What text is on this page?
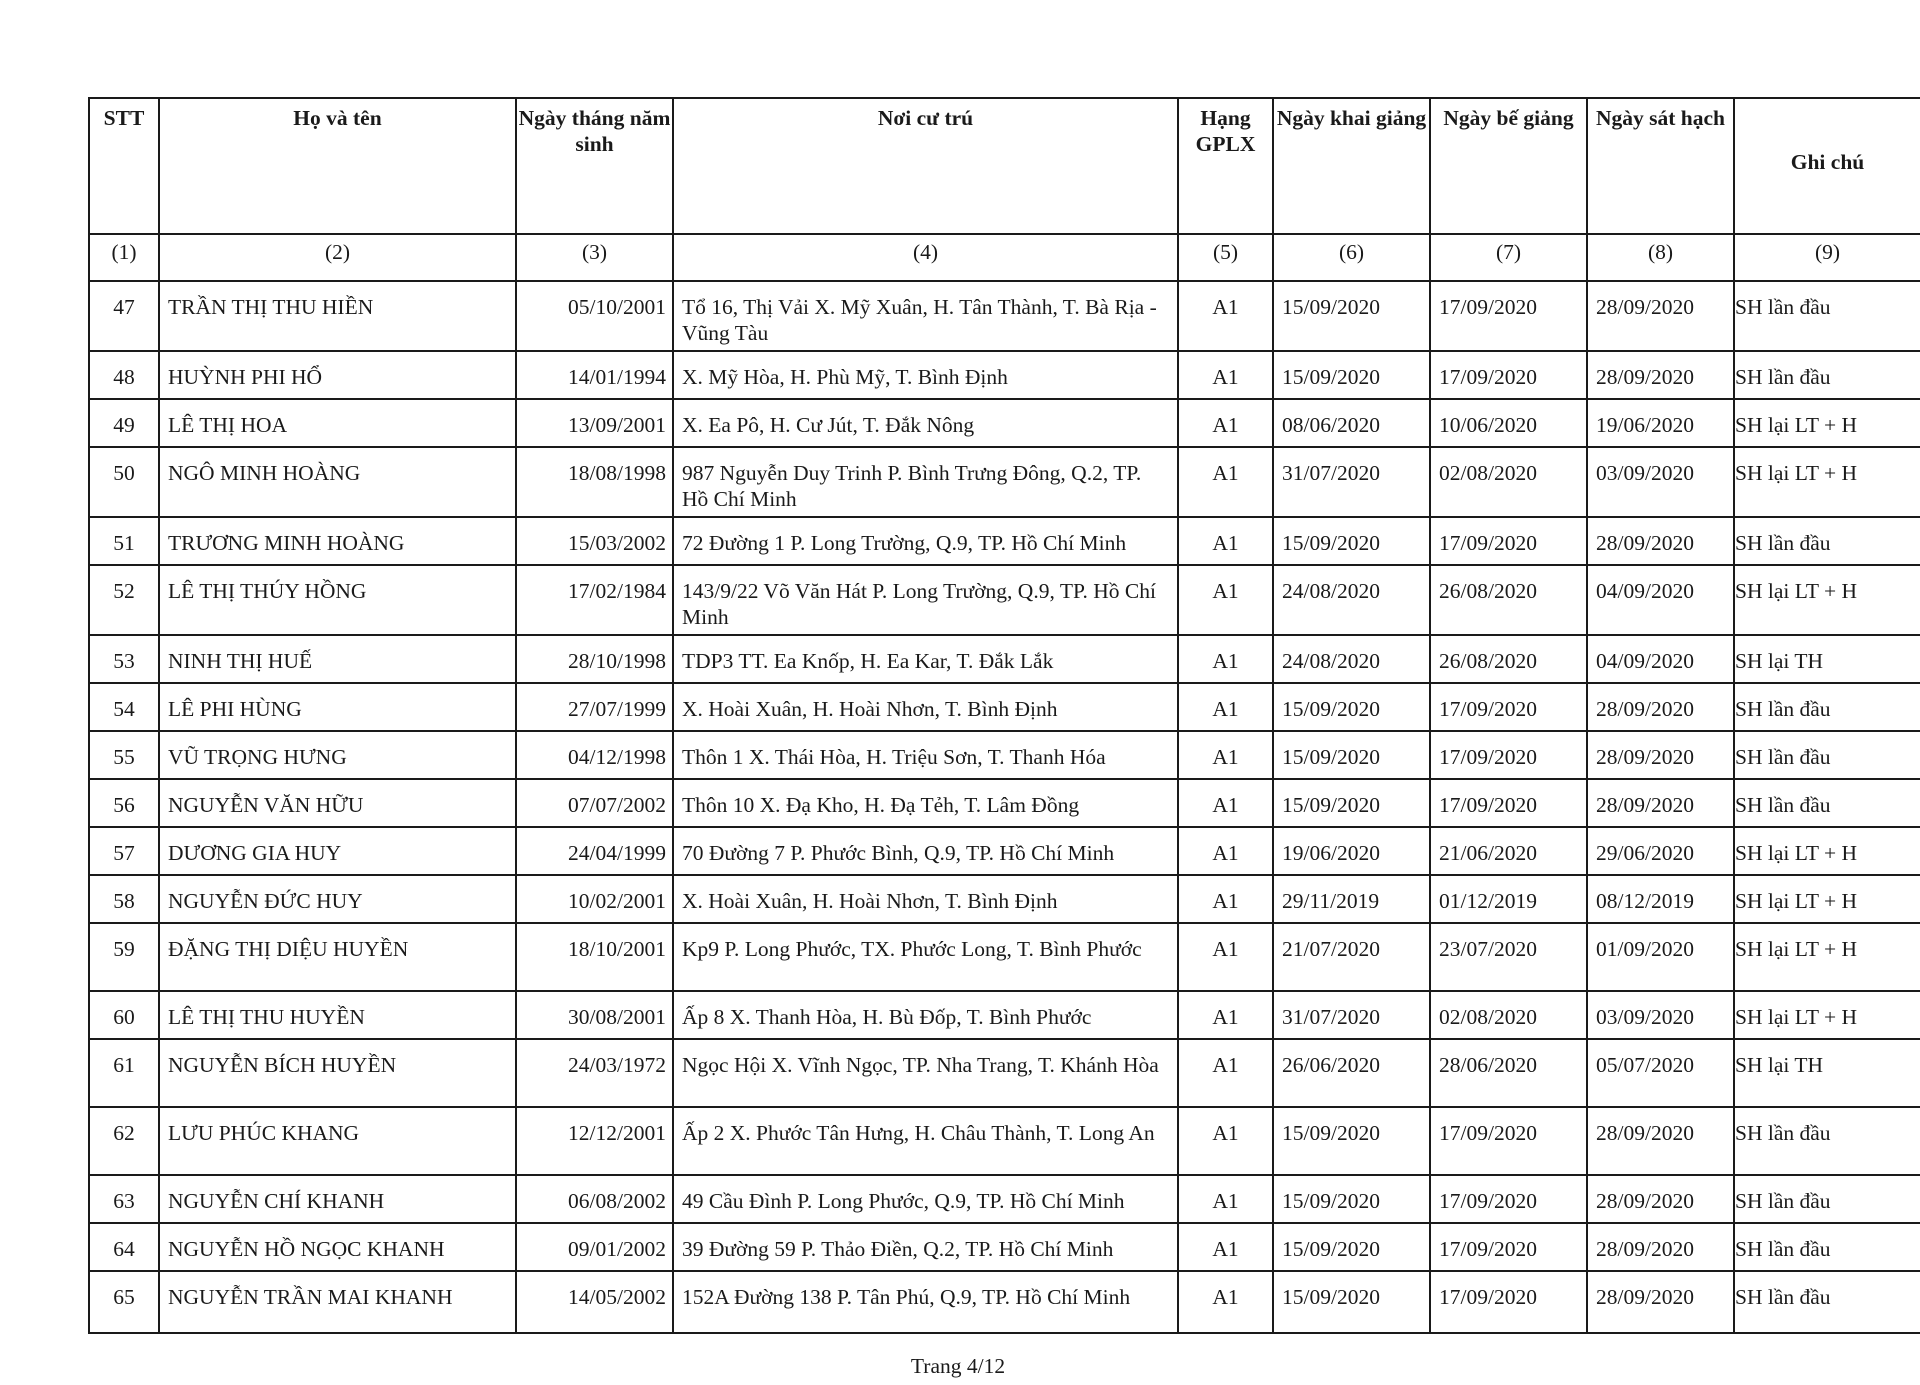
STT	Họ và tên	Ngày tháng năm sinh	Nơi cư trú	Hạng GPLX	Ngày khai giảng	Ngày bế giảng	Ngày sát hạch	Ghi chú
(1)	(2)	(3)	(4)	(5)	(6)	(7)	(8)	(9)
47	TRẦN THỊ THU HIỀN	05/10/2001	Tổ 16, Thị Vải X. Mỹ Xuân, H. Tân Thành, T. Bà Rịa - Vũng Tàu	A1	15/09/2020	17/09/2020	28/09/2020	SH lần đầu
48	HUỲNH PHI HỔ	14/01/1994	X. Mỹ Hòa, H. Phù Mỹ, T. Bình Định	A1	15/09/2020	17/09/2020	28/09/2020	SH lần đầu
49	LÊ THỊ HOA	13/09/2001	X. Ea Pô, H. Cư Jút, T. Đắk Nông	A1	08/06/2020	10/06/2020	19/06/2020	SH lại LT + H
50	NGÔ MINH HOÀNG	18/08/1998	987 Nguyễn Duy Trinh P. Bình Trưng Đông, Q.2, TP. Hồ Chí Minh	A1	31/07/2020	02/08/2020	03/09/2020	SH lại LT + H
51	TRƯƠNG MINH HOÀNG	15/03/2002	72 Đường 1 P. Long Trường, Q.9, TP. Hồ Chí Minh	A1	15/09/2020	17/09/2020	28/09/2020	SH lần đầu
52	LÊ THỊ THÚY HỒNG	17/02/1984	143/9/22 Võ Văn Hát P. Long Trường, Q.9, TP. Hồ Chí Minh	A1	24/08/2020	26/08/2020	04/09/2020	SH lại LT + H
53	NINH THỊ HUẾ	28/10/1998	TDP3 TT. Ea Knốp, H. Ea Kar, T. Đắk Lắk	A1	24/08/2020	26/08/2020	04/09/2020	SH lại TH
54	LÊ PHI HÙNG	27/07/1999	X. Hoài Xuân, H. Hoài Nhơn, T. Bình Định	A1	15/09/2020	17/09/2020	28/09/2020	SH lần đầu
55	VŨ TRỌNG HƯNG	04/12/1998	Thôn 1 X. Thái Hòa, H. Triệu Sơn, T. Thanh Hóa	A1	15/09/2020	17/09/2020	28/09/2020	SH lần đầu
56	NGUYỄN VĂN HỮU	07/07/2002	Thôn 10 X. Đạ Kho, H. Đạ Tẻh, T. Lâm Đồng	A1	15/09/2020	17/09/2020	28/09/2020	SH lần đầu
57	DƯƠNG GIA HUY	24/04/1999	70 Đường 7 P. Phước Bình, Q.9, TP. Hồ Chí Minh	A1	19/06/2020	21/06/2020	29/06/2020	SH lại LT + H
58	NGUYỄN ĐỨC HUY	10/02/2001	X. Hoài Xuân, H. Hoài Nhơn, T. Bình Định	A1	29/11/2019	01/12/2019	08/12/2019	SH lại LT + H
59	ĐẶNG THỊ DIỆU HUYỀN	18/10/2001	Kp9 P. Long Phước, TX. Phước Long, T. Bình Phước	A1	21/07/2020	23/07/2020	01/09/2020	SH lại LT + H
60	LÊ THỊ THU HUYỀN	30/08/2001	Ấp 8 X. Thanh Hòa, H. Bù Đốp, T. Bình Phước	A1	31/07/2020	02/08/2020	03/09/2020	SH lại LT + H
61	NGUYỄN BÍCH HUYỀN	24/03/1972	Ngọc Hội X. Vĩnh Ngọc, TP. Nha Trang, T. Khánh Hòa	A1	26/06/2020	28/06/2020	05/07/2020	SH lại TH
62	LƯU PHÚC KHANG	12/12/2001	Ấp 2 X. Phước Tân Hưng, H. Châu Thành, T. Long An	A1	15/09/2020	17/09/2020	28/09/2020	SH lần đầu
63	NGUYỄN CHÍ KHANH	06/08/2002	49 Cầu Đình P. Long Phước, Q.9, TP. Hồ Chí Minh	A1	15/09/2020	17/09/2020	28/09/2020	SH lần đầu
64	NGUYỄN HỒ NGỌC KHANH	09/01/2002	39 Đường 59 P. Thảo Điền, Q.2, TP. Hồ Chí Minh	A1	15/09/2020	17/09/2020	28/09/2020	SH lần đầu
65	NGUYỄN TRẦN MAI KHANH	14/05/2002	152A Đường 138 P. Tân Phú, Q.9, TP. Hồ Chí Minh	A1	15/09/2020	17/09/2020	28/09/2020	SH lần đầu
Trang 4/12
